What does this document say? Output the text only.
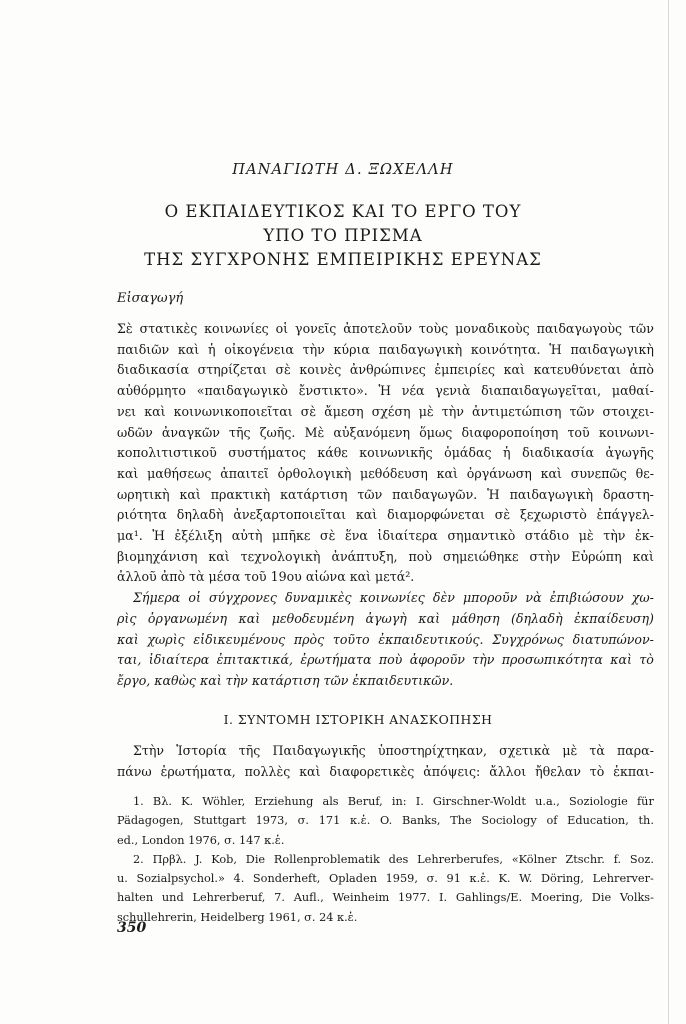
ΠΑΝΑΓΙΩΤΗ Δ. ΞΩΧΕΛΛΗ
Ο ΕΚΠΑΙΔΕΥΤΙΚΟΣ ΚΑΙ ΤΟ ΕΡΓΟ ΤΟΥ
ΥΠΟ ΤΟ ΠΡΙΣΜΑ
ΤΗΣ ΣΥΓΧΡΟΝΗΣ ΕΜΠΕΙΡΙΚΗΣ ΕΡΕΥΝΑΣ
Εἰσαγωγή
Σὲ στατικὲς κοινωνίες οἱ γονεῖς ἀποτελοῦν τοὺς μοναδικοὺς παιδαγωγοὺς τῶν
παιδιῶν καὶ ἡ οἰκογένεια τὴν κύρια παιδαγωγικὴ κοινότητα. Ἡ παιδαγωγικὴ
διαδικασία στηρίζεται σὲ κοινὲς ἀνθρώπινες ἐμπειρίες καὶ κατευθύνεται ἀπὸ
αὐθόρμητο «παιδαγωγικὸ ἔνστικτο». Ἡ νέα γενιὰ διαπαιδαγωγεῖται, μαθαί-
νει καὶ κοινωνικοποιεῖται σὲ ἄμεση σχέση μὲ τὴν ἀντιμετώπιση τῶν στοιχει-
ωδῶν ἀναγκῶν τῆς ζωῆς. Μὲ αὐξανόμενη ὅμως διαφοροποίηση τοῦ κοινωνι-
κοπολιτιστικοῦ συστήματος κάθε κοινωνικῆς ὁμάδας ἡ διαδικασία ἀγωγῆς
καὶ μαθήσεως ἀπαιτεῖ ὀρθολογικὴ μεθόδευση καὶ ὀργάνωση καὶ συνεπῶς θε-
ωρητικὴ καὶ πρακτικὴ κατάρτιση τῶν παιδαγωγῶν. Ἡ παιδαγωγικὴ δραστη-
ριότητα δηλαδὴ ἀνεξαρτοποιεῖται καὶ διαμορφώνεται σὲ ξεχωριστὸ ἐπάγγελ-
μα¹. Ἡ ἐξέλιξη αὐτὴ μπῆκε σὲ ἕνα ἰδιαίτερα σημαντικὸ στάδιο μὲ τὴν ἐκ-
βιομηχάνιση καὶ τεχνολογικὴ ἀνάπτυξη, ποὺ σημειώθηκε στὴν Εὐρώπη καὶ
ἀλλοῦ ἀπὸ τὰ μέσα τοῦ 19ου αἰώνα καὶ μετά².
Σήμερα οἱ σύγχρονες δυναμικὲς κοινωνίες δὲν μποροῦν νὰ ἐπιβιώσουν χω-
ρὶς ὀργανωμένη καὶ μεθοδευμένη ἀγωγὴ καὶ μάθηση (δηλαδὴ ἐκπαίδευση)
καὶ χωρὶς εἰδικευμένους πρὸς τοῦτο ἐκπαιδευτικούς. Συγχρόνως διατυπώνον-
ται, ἰδιαίτερα ἐπιτακτικά, ἐρωτήματα ποὺ ἀφοροῦν τὴν προσωπικότητα καὶ τὸ
ἔργο, καθὼς καὶ τὴν κατάρτιση τῶν ἐκπαιδευτικῶν.
Ι. ΣΥΝΤΟΜΗ ΙΣΤΟΡΙΚΗ ΑΝΑΣΚΟΠΗΣΗ
Στὴν Ἱστορία τῆς Παιδαγωγικῆς ὑποστηρίχτηκαν, σχετικὰ μὲ τὰ παρα-
πάνω ἐρωτήματα, πολλὲς καὶ διαφορετικὲς ἀπόψεις: ἄλλοι ἤθελαν τὸ ἐκπαι-
1. Βλ. K. Wöhler, Erziehung als Beruf, in: I. Girschner-Woldt u.a., Soziologie für
Pädagogen, Stuttgart 1973, σ. 171 κ.ἑ. O. Banks, The Sociology of Education, th.
ed., London 1976, σ. 147 κ.ἑ.
2. Πρβλ. J. Kob, Die Rollenproblematik des Lehrerberufes, «Kölner Ztschr. f. Soz.
u. Sozialpsychol.» 4. Sonderheft, Opladen 1959, σ. 91 κ.ἑ. K. W. Döring, Lehrerver-
halten und Lehrerberuf, 7. Aufl., Weinheim 1977. I. Gahlings/E. Moering, Die Volks-
schullehrerin, Heidelberg 1961, σ. 24 κ.ἑ.
350
